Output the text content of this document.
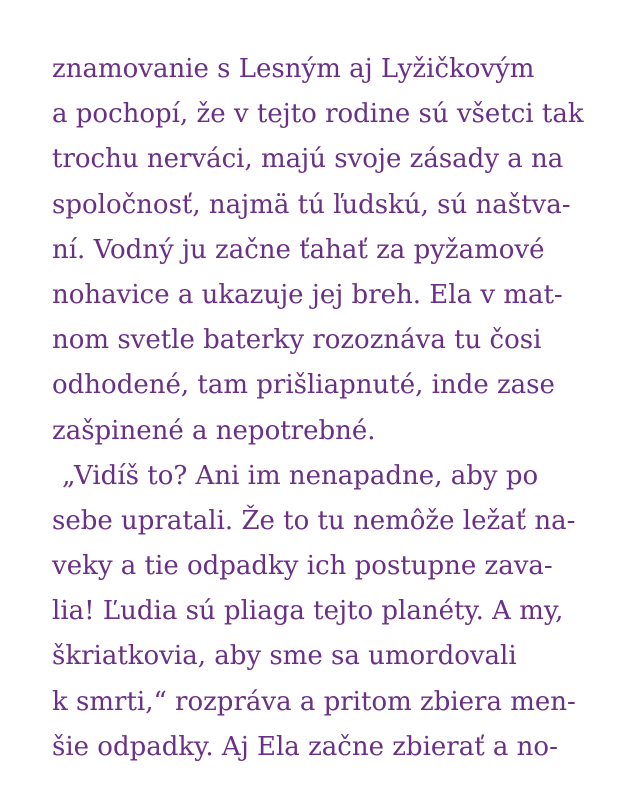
znamovanie s Lesným aj Lyžičkovým
a pochopí, že v tejto rodine sú všetci tak
trochu nerváci, majú svoje zásady a na
spoločnosť, najmä tú ľudskú, sú naštva-
ní. Vodný ju začne ťahať za pyžamové
nohavice a ukazuje jej breh. Ela v mat-
nom svetle baterky rozoznáva tu čosi
odhodené, tam prišliapnuté, inde zase
zašpinené a nepotrebné.
„Vidíš to? Ani im nenapadne, aby po
sebe upratali. Že to tu nemôže ležať na-
veky a tie odpadky ich postupne zava-
lia! Ľudia sú pliaga tejto planéty. A my,
škriatkovia, aby sme sa umordovali
k smrti,“ rozpráva a pritom zbiera men-
šie odpadky. Aj Ela začne zbierať a no-
